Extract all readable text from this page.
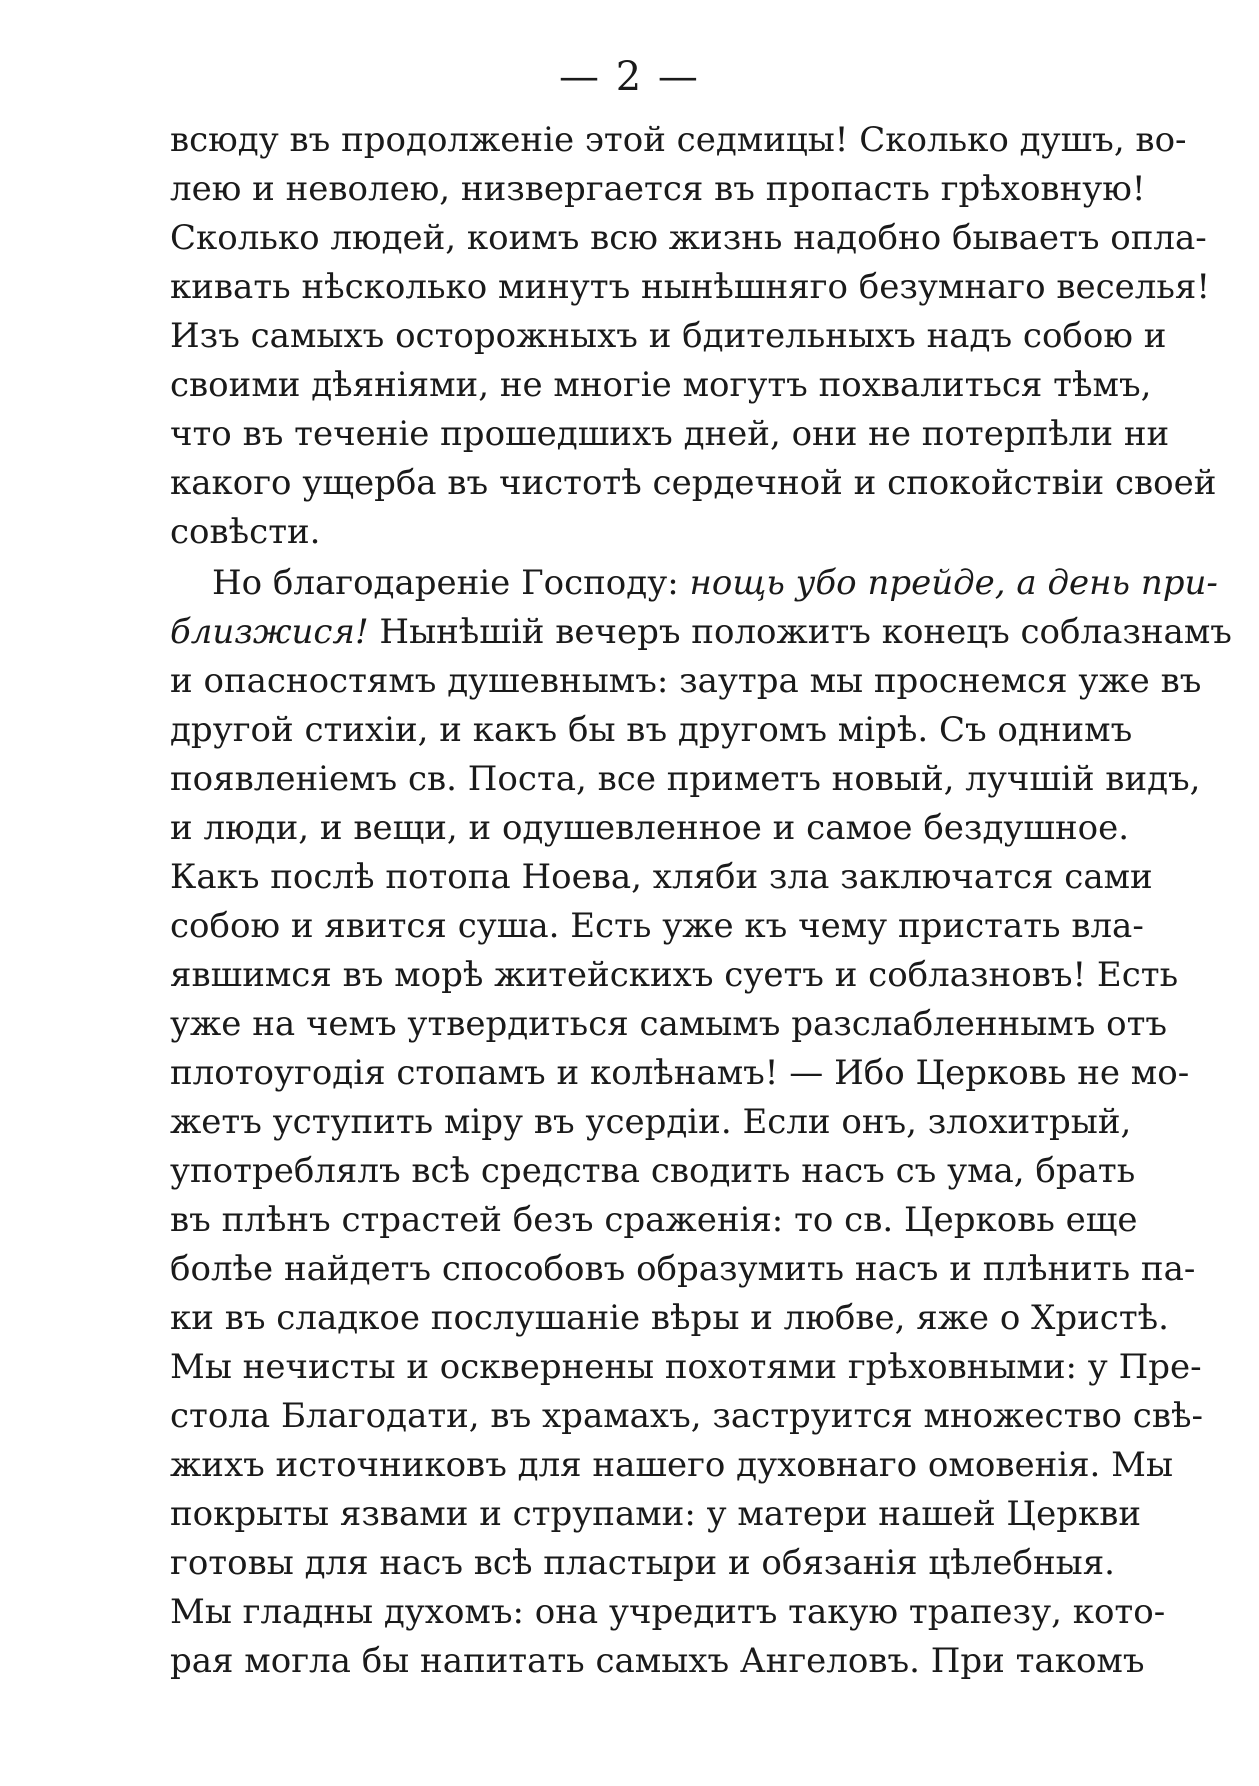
— 2 —
всюду въ продолженіе этой седмицы! Сколько душъ, во-
лею и неволею, низвергается въ пропасть грѣховную!
Сколько людей, коимъ всю жизнь надобно бываетъ опла-
кивать нѣсколько минутъ нынѣшняго безумнаго веселья!
Изъ самыхъ осторожныхъ и бдительныхъ надъ собою и
своими дѣяніями, не многіе могутъ похвалиться тѣмъ,
что въ теченіе прошедшихъ дней, они не потерпѣли ни
какого ущерба въ чистотѣ сердечной и спокойствіи своей
совѣсти.
Но благодареніе Господу: нощь убо прейде, а день при-
близжися! Нынѣшій вечеръ положитъ конецъ соблазнамъ
и опасностямъ душевнымъ: заутра мы проснемся уже въ
другой стихіи, и какъ бы въ другомъ мірѣ. Съ однимъ
появленіемъ св. Поста, все приметъ новый, лучшій видъ,
и люди, и вещи, и одушевленное и самое бездушное.
Какъ послѣ потопа Ноева, хляби зла заключатся сами
собою и явится суша. Есть уже къ чему пристать вла-
явшимся въ морѣ житейскихъ суетъ и соблазновъ! Есть
уже на чемъ утвердиться самымъ разслабленнымъ отъ
плотоугодія стопамъ и колѣнамъ! — Ибо Церковь не мо-
жетъ уступить міру въ усердіи. Если онъ, злохитрый,
употреблялъ всѣ средства сводить насъ съ ума, брать
въ плѣнъ страстей безъ сраженія: то св. Церковь еще
болѣе найдетъ способовъ образумить насъ и плѣнить па-
ки въ сладкое послушаніе вѣры и любве, яже о Христѣ.
Мы нечисты и осквернены похотями грѣховными: у Пре-
стола Благодати, въ храмахъ, заструится множество свѣ-
жихъ источниковъ для нашего духовнаго омовенія. Мы
покрыты язвами и струпами: у матери нашей Церкви
готовы для насъ всѣ пластыри и обязанія цѣлебныя.
Мы гладны духомъ: она учредитъ такую трапезу, кото-
рая могла бы напитать самыхъ Ангеловъ. При такомъ
